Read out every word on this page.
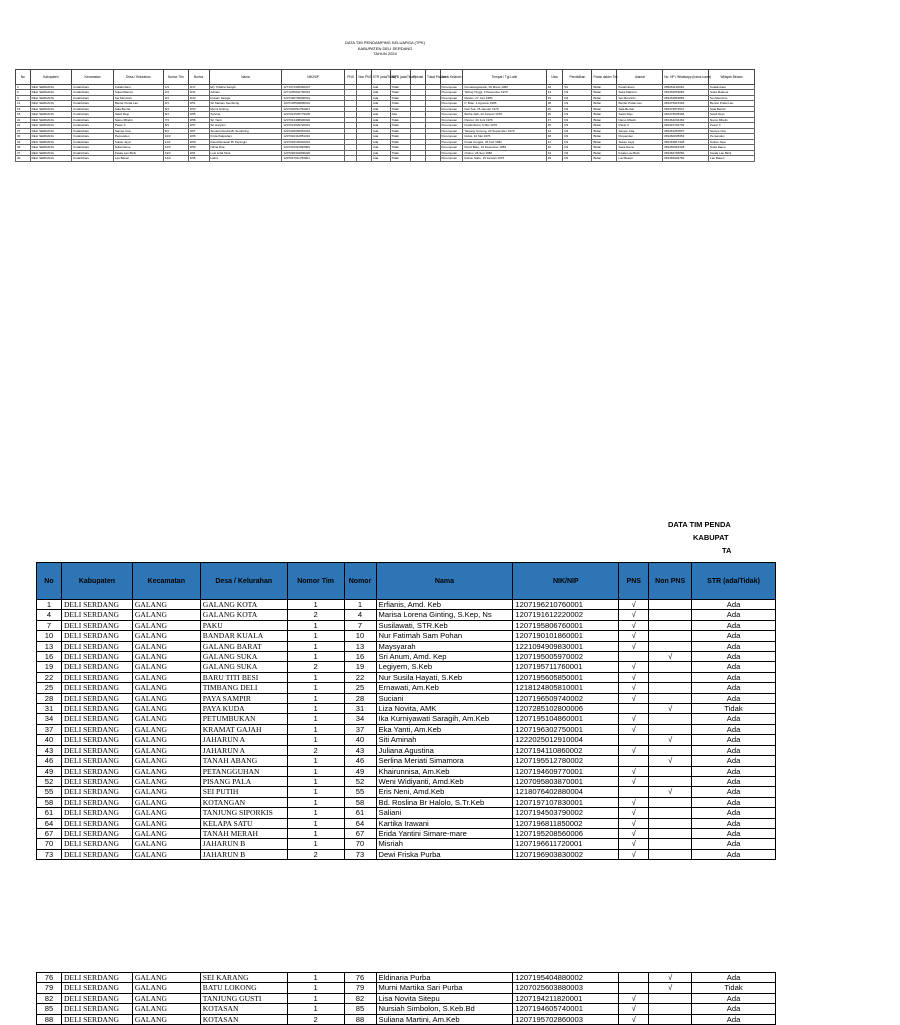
DATA TIM PENDAMPING KELUARGA (TPK)
KABUPATEN DELI SERDANG
TAHUN 2024
No	Kabupaten	Kecamatan	Desa / Kelurahan	Nomor Tim	Nomor	Nama	NIK/NIP	PNS	Non PNS	STR (ada/Tidak)	SIPB (ada/Tidak)	Pokdat	Tukat Pratom	Jenis Kelamin	Tempat / Tgl Lahir	Usia	Pendidikan	Posisi dalam Tim	Alamat	No. HP / Whatsapp (harus suma)	Wilayah Binaan
3	DELI SERDANG	Kutalimbaru	Kutalimbaru	1/3	3/17	Ely Tribaha Sarigih	1271674305960007			Ada	Tidak			Perempuan	Pematangsiantar, 09 Maret 1982	42	S1	Bidan	Kutalimbaru	085261122091	Kutalimbaru
6	DELI SERDANG	Kutalimbaru	Suka Makmur	2/3	3/41	Adriani	1271205002790010			Ada	Tidak			Perempuan	Tebing Tinggi, 2 Desember 1979	44	D3	Bidan	Suka Makmur	081362653082	Suka Makmur
9	DELI SERDANG	Kutalimbaru	Sei Mencirim	3/3	3/42	Rosani Sinaga	1207436709690001			Ada	Tidak			Perempuan	Medan, 27 Juni 1980	43	D3	Bidan	Sei Mencirim	081262853883	Sei Mencirim
12	DELI SERDANG	Kutalimbaru	Bentar Pudai Lau	4/3	3/51	Sri Mariani Sembiring	1207135509800001			Ada	Tidak			Perempuan	P. Brau, 4 Agustus 1985	38	D3	Bidan	Bentar Pudai Lau	081376915393	Bentar Pudai Lau
15	DELI SERDANG	Kutalimbaru	Sala Bentar	5/3	3/53	Murni Ginting	1207016811790001			Ada	Tidak			Perempuan	Deli Tua, 26 Januari 1979	45	D3	Bidan	Sala Bentar	081376874547	Sala Bentar
18	DELI SERDANG	Kutalimbaru	Sawit Rejo	6/3	3/55	Sylvina	1207012505779000			Ada	Ada			Perempuan	Berba Jadi, 23 Januari 1979	45	D3	Bidan	Sawit Rejo	081376535306	Sawit Rejo
21	DELI SERDANG	Kutalimbaru	Namo Mbelin	7/3	3/58	Sri Yanti	1207014408900002			Ada	Tidak			Perempuan	Pancur, 20 Juni 1976	47	D3	Bidan	Namo Mbelin	081364204463	Namo Mbelin
24	DELI SERDANG	Kutalimbaru	Pasar X	8/3	3/57	Sri Haryani	1207014609720001			Ada	Tidak			Perempuan	Kutalimbaru, 6 Mei 1979	45	D3	Bidan	Pasar X	081397102702	Pasar X
27	DELI SERDANG	Kutalimbaru	Sampe Cita	9/3	3/67	Susanti Dewita Br Sembiring	1207026006810016			Ada	Tidak			Perempuan	Tanjung Gunung, 20 September 1979	44	D3	Bidan	Sampe Cita	081361057837	Sampe Cita
30	DELI SERDANG	Kutalimbaru	Perpanden	10/3	3/65	Frida Pakpahan	1207032412851010			Ada	Tidak			Perempuan	Dolok, 10 Mei 1976	48	D3	Bidan	Perpanden	081360035353	Perpanden
33	DELI SERDANG	Kutalimbaru	Sukau Jaya	11/3	3/69	Desi Ratnasari Br Perangin	1207034106910001			Ada	Tidak			Perempuan	Kuala Cengke, 26 Feb 1982	41	D3	Bidan	Sukau Jaya	082163817428	Sukau Jaya
36	DELI SERDANG	Kutalimbaru	Suka Dame	12/3	3/50	Nilma Rita	1207034311690009			Ada	Tidak			Perempuan	Pucul Batu, 13 Desember 1983	40	D3	Bidan	Suka Dame	081260963128	Suka Dame
37	DELI SERDANG	Kutalimbaru	Kwala Lau Bicik	13/3	3/51	Lusi Lidal Tarik	1207036304800026			Ada	Tidak			Perempuan	Ondon, 26 Sep 1980	43	D3	Bidan	Kwala Lau Bicik	082384796050	Kwala Lau Bicik
40	DELI SERDANG	Kutalimbaru	Lau Bekeri	14/3	3/66	Laina	1207047911750001			Ada	Tidak			Perempuan	Kebun Sabu, 19 Januari 1975	49	D3	Bidan	Lau Bekeri	081384094790	Lau Bekeri
DATA TIM PENDA
KABUPAT
TA
No	Kabupaten	Kecamatan	Desa / Kelurahan	Nomor Tim	Nomor	Nama	NIK/NIP	PNS	Non PNS	STR (ada/Tidak)
1	DELI SERDANG	GALANG	GALANG KOTA	1	1	Erfianis, Amd. Keb	1207196210760001	√		Ada
4	DELI SERDANG	GALANG	GALANG KOTA	2	4	Marisa Lorena Ginting, S.Kep, Ns	1207191612220002	√		Ada
7	DELI SERDANG	GALANG	PAKU	1	7	Susilawati, STR.Keb	1207195806760001	√		Ada
10	DELI SERDANG	GALANG	BANDAR KUALA	1	10	Nur Fatimah Sam Pohan	1207190101860001	√		Ada
13	DELI SERDANG	GALANG	GALANG BARAT	1	13	Maysyarah	1221094909830001	√		Ada
16	DELI SERDANG	GALANG	GALANG SUKA	1	16	Sri Anum, Amd. Kep	1207195005970002		√	Ada
19	DELI SERDANG	GALANG	GALANG SUKA	2	19	Legiyem, S.Keb	1207195711760001	√		Ada
22	DELI SERDANG	GALANG	BARU TITI BESI	1	22	Nur Susila Hayati, S.Keb	1207195605850001	√		Ada
25	DELI SERDANG	GALANG	TIMBANG DELI	1	25	Ernawati, Am.Keb	1218124805810001	√		Ada
28	DELI SERDANG	GALANG	PAYA SAMPIR	1	28	Suciani	1207196509740002	√		Ada
31	DELI SERDANG	GALANG	PAYA KUDA	1	31	Liza Novita, AMK	1207285102800006		√	Tidak
34	DELI SERDANG	GALANG	PETUMBUKAN	1	34	Ika Kurniyawati Saragih, Am.Keb	1207195104860001	√		Ada
37	DELI SERDANG	GALANG	KRAMAT GAJAH	1	37	Eka Yanti, Am.Keb	1207196302750001	√		Ada
40	DELI SERDANG	GALANG	JAHARUN A	1	40	Siti Aminah	1222025012910004		√	Ada
43	DELI SERDANG	GALANG	JAHARUN A	2	43	Juliana Agustina	1207194110860002	√		Ada
46	DELI SERDANG	GALANG	TANAH ABANG	1	46	Serlina Meriati Simamora	1207195512780002		√	Ada
49	DELI SERDANG	GALANG	PETANGGUHAN	1	49	Khairunnisa, Am.Keb	1207194609770001	√		Ada
52	DELI SERDANG	GALANG	PISANG PALA	1	52	Weni Widiyanti, Amd.Keb	1207095803870001	√		Ada
55	DELI SERDANG	GALANG	SEI PUTIH	1	55	Eris Neni, Amd.Keb	1218076402880004		√	Ada
58	DELI SERDANG	GALANG	KOTANGAN	1	58	Bd. Roslina Br Halolo, S.Tr.Keb	1207197107830001	√		Ada
61	DELI SERDANG	GALANG	TANJUNG SIPORKIS	1	61	Saliani	1207194503790002	√		Ada
64	DELI SERDANG	GALANG	KELAPA SATU	1	64	Kartika Irawani	1207196811850002	√		Ada
67	DELI SERDANG	GALANG	TANAH MERAH	1	67	Erida Yantini Simare-mare	1207195208560006	√		Ada
70	DELI SERDANG	GALANG	JAHARUN B	1	70	Misriah	1207196611720001	√		Ada
73	DELI SERDANG	GALANG	JAHARUN B	2	73	Dewi Friska Purba	1207196903830002	√		Ada
76	DELI SERDANG	GALANG	SEI KARANG	1	76	Eldinaria Purba	1207195404880002		√	Ada
79	DELI SERDANG	GALANG	BATU LOKONG	1	79	Murni Martika Sari Purba	1207025603880003		√	Tidak
82	DELI SERDANG	GALANG	TANJUNG GUSTI	1	82	Lisa Novita Sitepu	1207194211820001	√		Ada
85	DELI SERDANG	GALANG	KOTASAN	1	85	Nursiah Simbolon, S.Keb.Bd	1207194605740001	√		Ada
88	DELI SERDANG	GALANG	KOTASAN	2	88	Suliana Martini, Am.Keb	1207195702860003	√		Ada
